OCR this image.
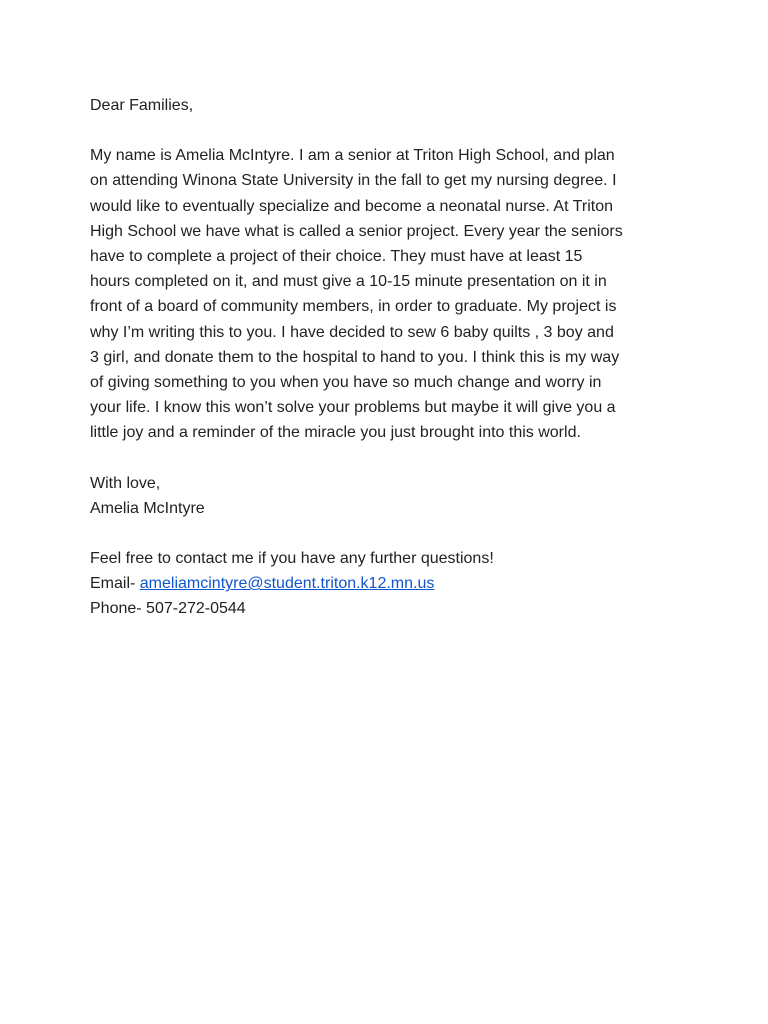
Dear Families,

My name is Amelia McIntyre. I am a senior at Triton High School, and plan
on attending Winona State University in the fall to get my nursing degree. I
would like to eventually specialize and become a neonatal nurse. At Triton
High School we have what is called a senior project. Every year the seniors
have to complete a project of their choice. They must have at least 15
hours completed on it, and must give a 10-15 minute presentation on it in
front of a board of community members, in order to graduate. My project is
why I’m writing this to you. I have decided to sew 6 baby quilts , 3 boy and
3 girl, and donate them to the hospital to hand to you. I think this is my way
of giving something to you when you have so much change and worry in
your life. I know this won’t solve your problems but maybe it will give you a
little joy and a reminder of the miracle you just brought into this world.

With love,

Amelia McIntyre

Feel free to contact me if you have any further questions!

Email- ameliamcintyre@student.triton.k12.mn.us

Phone- 507-272-0544
